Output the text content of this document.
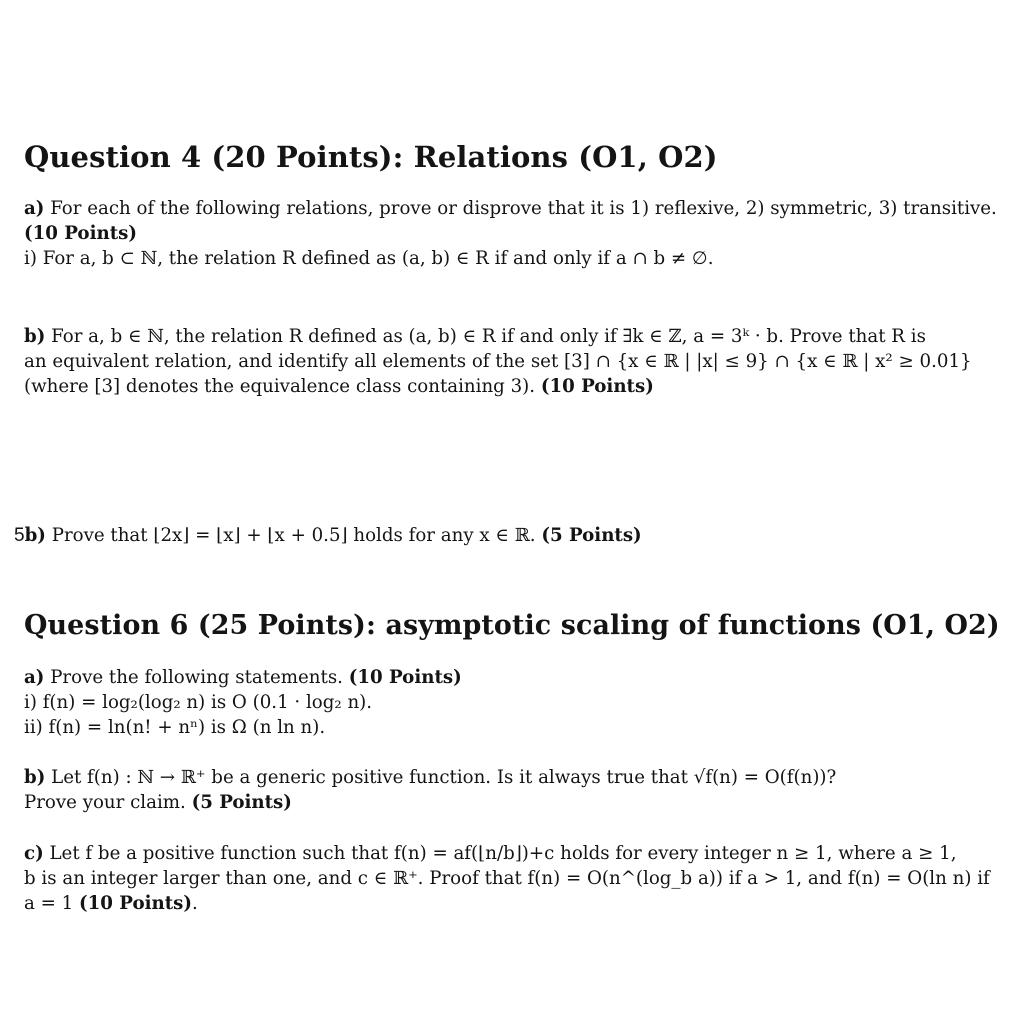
Question 4 (20 Points): Relations (O1, O2)
a) For each of the following relations, prove or disprove that it is 1) reflexive, 2) symmetric, 3) transitive.
(10 Points)
i) For a, b ⊂ ℕ, the relation R defined as (a, b) ∈ R if and only if a ∩ b ≠ ∅.
b) For a, b ∈ ℕ, the relation R defined as (a, b) ∈ R if and only if ∃k ∈ ℤ, a = 3ᵏ · b. Prove that R is
an equivalent relation, and identify all elements of the set [3] ∩ {x ∈ ℝ | |x| ≤ 9} ∩ {x ∈ ℝ | x² ≥ 0.01}
(where [3] denotes the equivalence class containing 3). (10 Points)
5b) Prove that ⌊2x⌋ = ⌊x⌋ + ⌊x + 0.5⌋ holds for any x ∈ ℝ. (5 Points)
Question 6 (25 Points): asymptotic scaling of functions (O1, O2)
a) Prove the following statements. (10 Points)
i) f(n) = log₂(log₂ n) is O (0.1 · log₂ n).
ii) f(n) = ln(n! + nⁿ) is Ω (n ln n).
b) Let f(n) : ℕ → ℝ⁺ be a generic positive function. Is it always true that √f(n) = O(f(n))?
Prove your claim. (5 Points)
c) Let f be a positive function such that f(n) = af(⌊n/b⌋)+c holds for every integer n ≥ 1, where a ≥ 1,
b is an integer larger than one, and c ∈ ℝ⁺. Proof that f(n) = O(n^(log_b a)) if a > 1, and f(n) = O(ln n) if
a = 1 (10 Points).
